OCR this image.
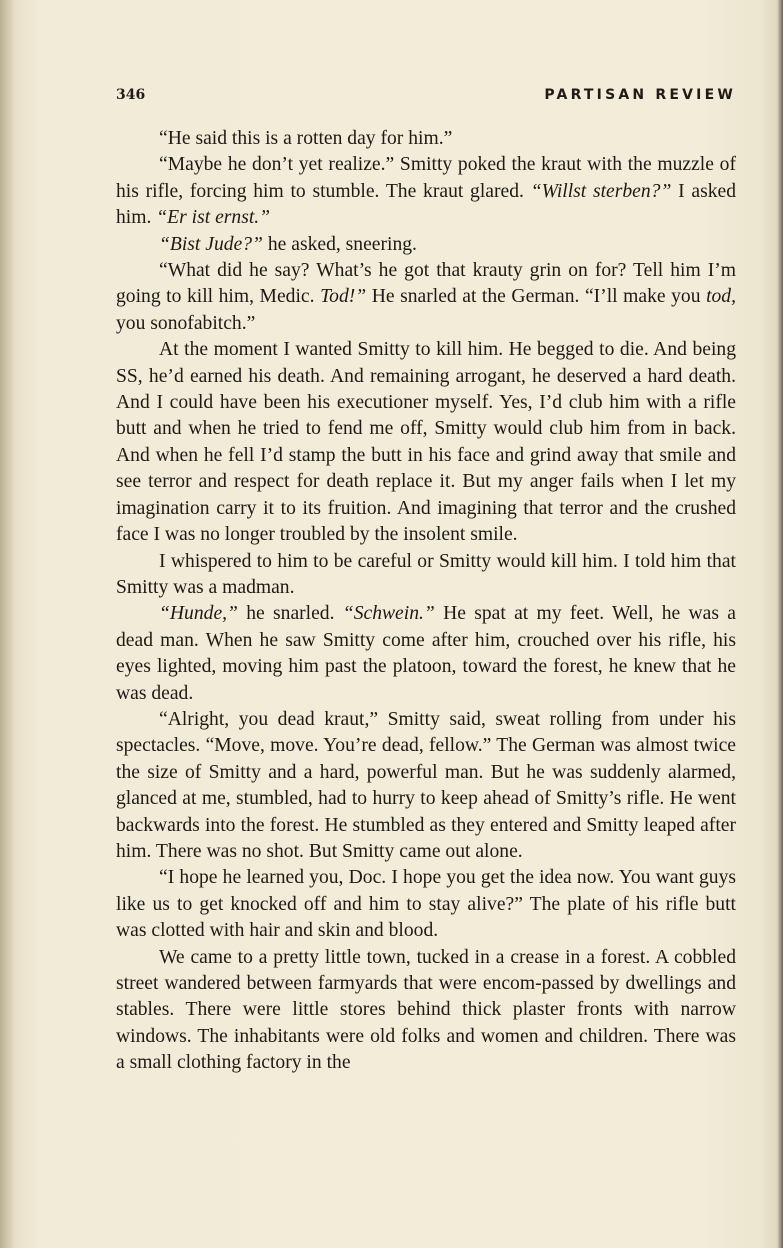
346	PARTISAN REVIEW

“He said this is a rotten day for him.”

“Maybe he don’t yet realize.” Smitty poked the kraut with the muzzle of his rifle, forcing him to stumble. The kraut glared. “Willst sterben?” I asked him. “Er ist ernst.”

“Bist Jude?” he asked, sneering.

“What did he say? What’s he got that krauty grin on for? Tell him I’m going to kill him, Medic. Tod!” He snarled at the German. “I’ll make you tod, you sonofabitch.”

At the moment I wanted Smitty to kill him. He begged to die. And being SS, he’d earned his death. And remaining arrogant, he deserved a hard death. And I could have been his executioner myself. Yes, I’d club him with a rifle butt and when he tried to fend me off, Smitty would club him from in back. And when he fell I’d stamp the butt in his face and grind away that smile and see terror and respect for death replace it. But my anger fails when I let my imagination carry it to its fruition. And imagining that terror and the crushed face I was no longer troubled by the insolent smile.

I whispered to him to be careful or Smitty would kill him. I told him that Smitty was a madman.

“Hunde,” he snarled. “Schwein.” He spat at my feet. Well, he was a dead man. When he saw Smitty come after him, crouched over his rifle, his eyes lighted, moving him past the platoon, toward the forest, he knew that he was dead.

“Alright, you dead kraut,” Smitty said, sweat rolling from under his spectacles. “Move, move. You’re dead, fellow.” The German was almost twice the size of Smitty and a hard, powerful man. But he was suddenly alarmed, glanced at me, stumbled, had to hurry to keep ahead of Smitty’s rifle. He went backwards into the forest. He stumbled as they entered and Smitty leaped after him. There was no shot. But Smitty came out alone.

“I hope he learned you, Doc. I hope you get the idea now. You want guys like us to get knocked off and him to stay alive?” The plate of his rifle butt was clotted with hair and skin and blood.

We came to a pretty little town, tucked in a crease in a forest. A cobbled street wandered between farmyards that were encom-passed by dwellings and stables. There were little stores behind thick plaster fronts with narrow windows. The inhabitants were old folks and women and children. There was a small clothing factory in the
